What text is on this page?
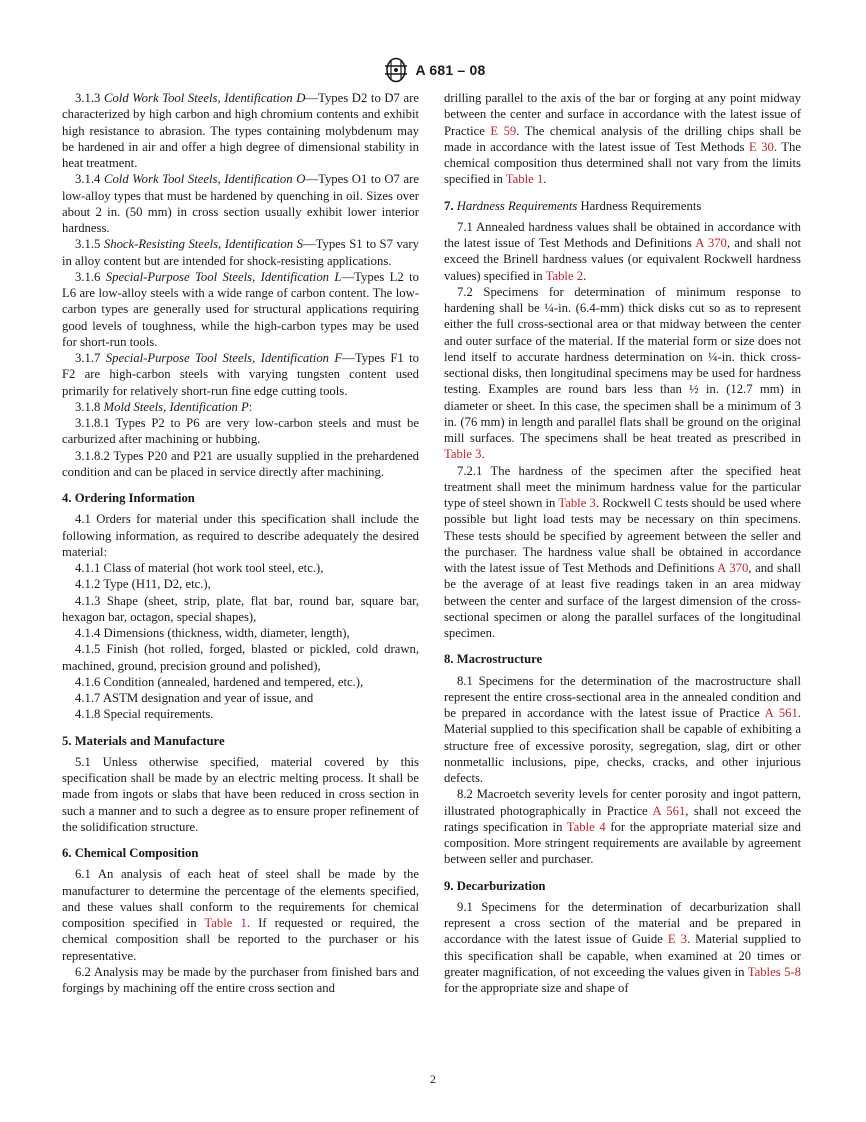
A 681 – 08

3.1.3 Cold Work Tool Steels, Identification D—Types D2 to D7 are characterized by high carbon and high chromium contents and exhibit high resistance to abrasion. The types containing molybdenum may be hardened in air and offer a high degree of dimensional stability in heat treatment.

3.1.4 Cold Work Tool Steels, Identification O—Types O1 to O7 are low-alloy types that must be hardened by quenching in oil. Sizes over about 2 in. (50 mm) in cross section usually exhibit lower interior hardness.

3.1.5 Shock-Resisting Steels, Identification S—Types S1 to S7 vary in alloy content but are intended for shock-resisting applications.

3.1.6 Special-Purpose Tool Steels, Identification L—Types L2 to L6 are low-alloy steels with a wide range of carbon content. The low-carbon types are generally used for structural applications requiring good levels of toughness, while the high-carbon types may be used for short-run tools.

3.1.7 Special-Purpose Tool Steels, Identification F—Types F1 to F2 are high-carbon steels with varying tungsten content used primarily for relatively short-run fine edge cutting tools.

3.1.8 Mold Steels, Identification P:

3.1.8.1 Types P2 to P6 are very low-carbon steels and must be carburized after machining or hubbing.

3.1.8.2 Types P20 and P21 are usually supplied in the prehardened condition and can be placed in service directly after machining.

4. Ordering Information

4.1 Orders for material under this specification shall include the following information, as required to describe adequately the desired material:

4.1.1 Class of material (hot work tool steel, etc.),

4.1.2 Type (H11, D2, etc.),

4.1.3 Shape (sheet, strip, plate, flat bar, round bar, square bar, hexagon bar, octagon, special shapes),

4.1.4 Dimensions (thickness, width, diameter, length),

4.1.5 Finish (hot rolled, forged, blasted or pickled, cold drawn, machined, ground, precision ground and polished),

4.1.6 Condition (annealed, hardened and tempered, etc.),

4.1.7 ASTM designation and year of issue, and

4.1.8 Special requirements.

5. Materials and Manufacture

5.1 Unless otherwise specified, material covered by this specification shall be made by an electric melting process. It shall be made from ingots or slabs that have been reduced in cross section in such a manner and to such a degree as to ensure proper refinement of the solidification structure.

6. Chemical Composition

6.1 An analysis of each heat of steel shall be made by the manufacturer to determine the percentage of the elements specified, and these values shall conform to the requirements for chemical composition specified in Table 1. If requested or required, the chemical composition shall be reported to the purchaser or his representative.

6.2 Analysis may be made by the purchaser from finished bars and forgings by machining off the entire cross section and

drilling parallel to the axis of the bar or forging at any point midway between the center and surface in accordance with the latest issue of Practice E 59. The chemical analysis of the drilling chips shall be made in accordance with the latest issue of Test Methods E 30. The chemical composition thus determined shall not vary from the limits specified in Table 1.

7. Hardness Requirements Hardness Requirements

7.1 Annealed hardness values shall be obtained in accordance with the latest issue of Test Methods and Definitions A 370, and shall not exceed the Brinell hardness values (or equivalent Rockwell hardness values) specified in Table 2.

7.2 Specimens for determination of minimum response to hardening shall be ¼-in. (6.4-mm) thick disks cut so as to represent either the full cross-sectional area or that midway between the center and outer surface of the material. If the material form or size does not lend itself to accurate hardness determination on ¼-in. thick cross-sectional disks, then longitudinal specimens may be used for hardness testing. Examples are round bars less than ½ in. (12.7 mm) in diameter or sheet. In this case, the specimen shall be a minimum of 3 in. (76 mm) in length and parallel flats shall be ground on the original mill surfaces. The specimens shall be heat treated as prescribed in Table 3.

7.2.1 The hardness of the specimen after the specified heat treatment shall meet the minimum hardness value for the particular type of steel shown in Table 3. Rockwell C tests should be used where possible but light load tests may be necessary on thin specimens. These tests should be specified by agreement between the seller and the purchaser. The hardness value shall be obtained in accordance with the latest issue of Test Methods and Definitions A 370, and shall be the average of at least five readings taken in an area midway between the center and surface of the largest dimension of the cross-sectional specimen or along the parallel surfaces of the longitudinal specimen.

8. Macrostructure

8.1 Specimens for the determination of the macrostructure shall represent the entire cross-sectional area in the annealed condition and be prepared in accordance with the latest issue of Practice A 561. Material supplied to this specification shall be capable of exhibiting a structure free of excessive porosity, segregation, slag, dirt or other nonmetallic inclusions, pipe, checks, cracks, and other injurious defects.

8.2 Macroetch severity levels for center porosity and ingot pattern, illustrated photographically in Practice A 561, shall not exceed the ratings specification in Table 4 for the appropriate material size and composition. More stringent requirements are available by agreement between seller and purchaser.

9. Decarburization

9.1 Specimens for the determination of decarburization shall represent a cross section of the material and be prepared in accordance with the latest issue of Guide E 3. Material supplied to this specification shall be capable, when examined at 20 times or greater magnification, of not exceeding the values given in Tables 5-8 for the appropriate size and shape of

2
